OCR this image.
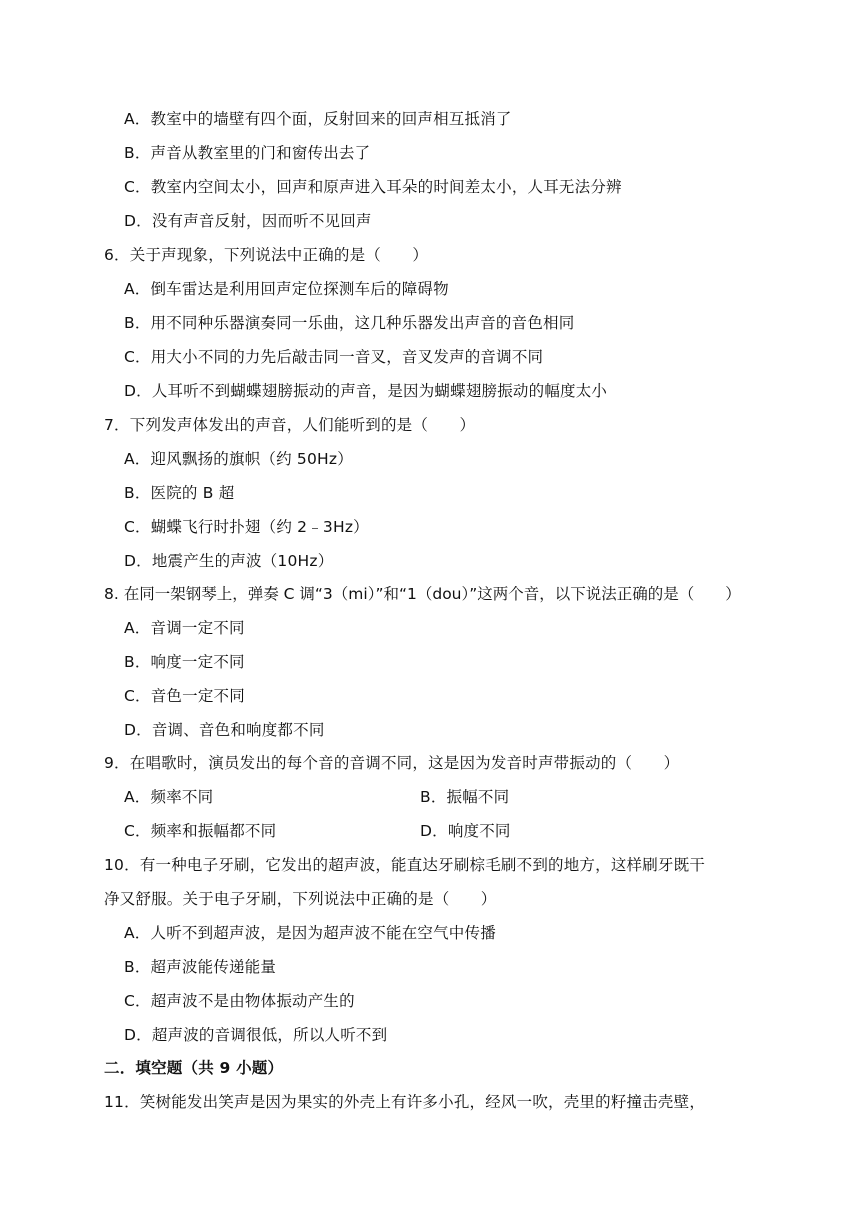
A．教室中的墙壁有四个面，反射回来的回声相互抵消了
B．声音从教室里的门和窗传出去了
C．教室内空间太小，回声和原声进入耳朵的时间差太小，人耳无法分辨
D．没有声音反射，因而听不见回声
6．关于声现象，下列说法中正确的是（　　）
A．倒车雷达是利用回声定位探测车后的障碍物
B．用不同种乐器演奏同一乐曲，这几种乐器发出声音的音色相同
C．用大小不同的力先后敲击同一音叉，音叉发声的音调不同
D．人耳听不到蝴蝶翅膀振动的声音，是因为蝴蝶翅膀振动的幅度太小
7．下列发声体发出的声音，人们能听到的是（　　）
A．迎风飘扬的旗帜（约 50Hz）
B．医院的 B 超
C．蝴蝶飞行时扑翅（约 2﹣3Hz）
D．地震产生的声波（10Hz）
8. 在同一架钢琴上，弹奏 C 调“3（mi）”和“1（dou）”这两个音，以下说法正确的是（　　）
A．音调一定不同
B．响度一定不同
C．音色一定不同
D．音调、音色和响度都不同
9．在唱歌时，演员发出的每个音的音调不同，这是因为发音时声带振动的（　　）
A．频率不同	B．振幅不同
C．频率和振幅都不同	D．响度不同
10．有一种电子牙刷，它发出的超声波，能直达牙刷棕毛刷不到的地方，这样刷牙既干
净又舒服。关于电子牙刷，下列说法中正确的是（　　）
A．人听不到超声波，是因为超声波不能在空气中传播
B．超声波能传递能量
C．超声波不是由物体振动产生的
D．超声波的音调很低，所以人听不到
二．填空题（共 9 小题）
11．笑树能发出笑声是因为果实的外壳上有许多小孔，经风一吹，壳里的籽撞击壳壁，
